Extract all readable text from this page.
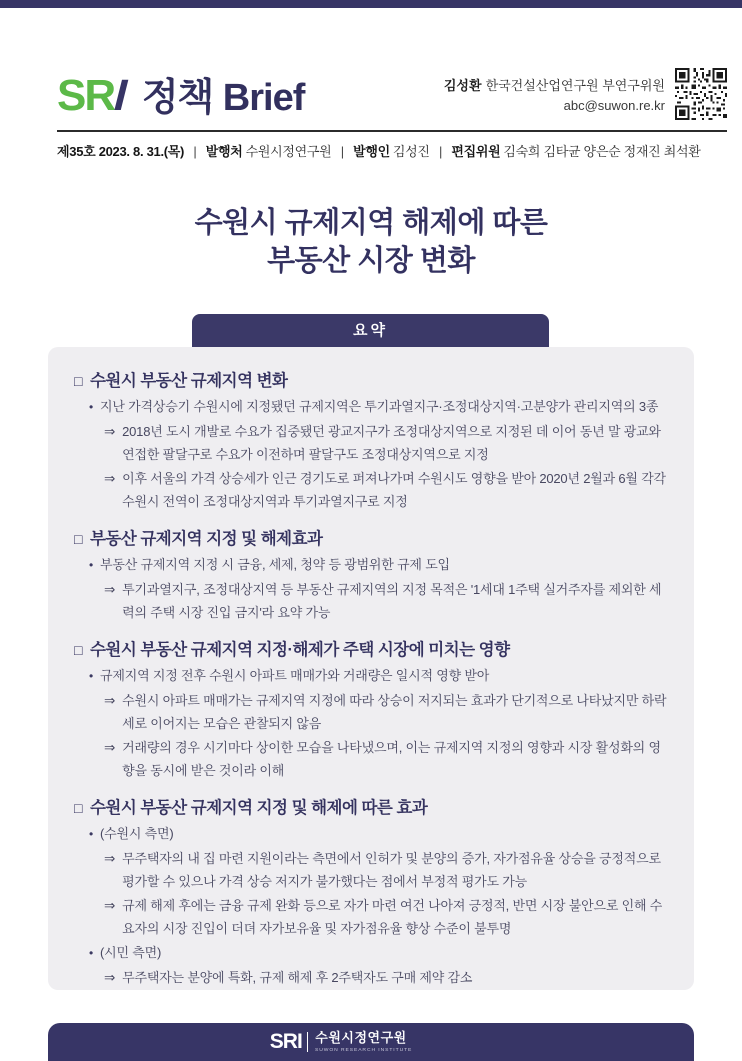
SRI 정책 Brief	김성환 한국건설산업연구원 부연구위원
abc@suwon.re.kr
제35호 2023. 8. 31.(목) | 발행처 수원시정연구원 | 발행인 김성진 | 편집위원 김숙희 김타균 양은순 정재진 최석환
수원시 규제지역 해제에 따른
부동산 시장 변화
요약
□ 수원시 부동산 규제지역 변화
• 지난 가격상승기 수원시에 지정됐던 규제지역은 투기과열지구·조정대상지역·고분양가 관리지역의 3종
⇒ 2018년 도시 개발로 수요가 집중됐던 광교지구가 조정대상지역으로 지정된 데 이어 동년 말 광교와 연접한 팔달구로 수요가 이전하며 팔달구도 조정대상지역으로 지정
⇒ 이후 서울의 가격 상승세가 인근 경기도로 퍼져나가며 수원시도 영향을 받아 2020년 2월과 6월 각각 수원시 전역이 조정대상지역과 투기과열지구로 지정
□ 부동산 규제지역 지정 및 해제효과
• 부동산 규제지역 지정 시 금융, 세제, 청약 등 광범위한 규제 도입
⇒ 투기과열지구, 조정대상지역 등 부동산 규제지역의 지정 목적은 '1세대 1주택 실거주자를 제외한 세력의 주택 시장 진입 금지'라 요약 가능
□ 수원시 부동산 규제지역 지정·해제가 주택 시장에 미치는 영향
• 규제지역 지정 전후 수원시 아파트 매매가와 거래량은 일시적 영향 받아
⇒ 수원시 아파트 매매가는 규제지역 지정에 따라 상승이 저지되는 효과가 단기적으로 나타났지만 하락세로 이어지는 모습은 관찰되지 않음
⇒ 거래량의 경우 시기마다 상이한 모습을 나타냈으며, 이는 규제지역 지정의 영향과 시장 활성화의 영향을 동시에 받은 것이라 이해
□ 수원시 부동산 규제지역 지정 및 해제에 따른 효과
• (수원시 측면)
⇒ 무주택자의 내 집 마련 지원이라는 측면에서 인허가 및 분양의 증가, 자가점유율 상승을 긍정적으로 평가할 수 있으나 가격 상승 저지가 불가했다는 점에서 부정적 평가도 가능
⇒ 규제 해제 후에는 금융 규제 완화 등으로 자가 마련 여건 나아져 긍정적, 반면 시장 불안으로 인해 수요자의 시장 진입이 더뎌 자가보유율 및 자가점유율 향상 수준이 불투명
• (시민 측면)
⇒ 무주택자는 분양에 특화, 규제 해제 후 2주택자도 구매 제약 감소
SRI 수원시정연구원
SUWON RESEARCH INSTITUTE
